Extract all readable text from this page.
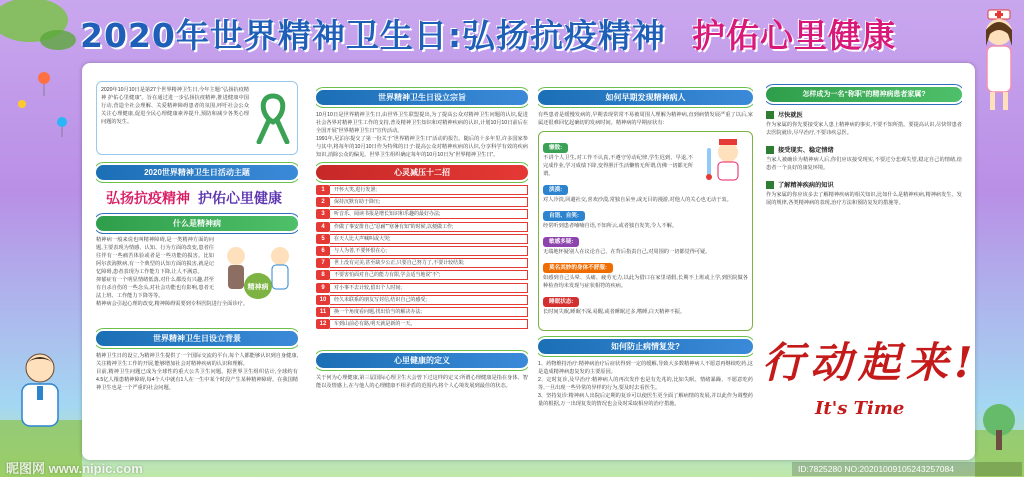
2020年世界精神卫生日:弘扬抗疫精神 护佑心里健康
2020年10月10日是第27个世界精神卫生日,今年主题:“弘扬抗疫精神 护佑心里健康”。旨在通过进一步弘扬抗疫精神,推进健康中国行动,营造全社会理解、关爱精神障碍患者的氛围,呼吁社会公众关注心理健康,促进全民心理健康素养提升,预防和减少各类心理问题的发生。
2020世界精神卫生日活动主题
弘扬抗疫精神 护佑心里健康
什么是精神病
精神病一般来说也叫精神障碍,是一类精神方面的问题,主要表现为情感、认知、行为方面的改变,患者往往伴有一些痛苦体验或者是一些功能的损害。比如阿尔茨海默病,有一个典型的认知方面的损害,就是记忆障碍,患者表现为工作能力下降,让人不满意。
抑郁症有一个明显情绪低落,对什么都没有兴趣,甚至有自杀自伤的一些念头,对社会功能也有影响,患者无法上班、工作能力下降等等。
精神病会引起心理的改变,精神障碍需要到专科医院进行全面诊疗。
精神病
世界精神卫生日设立背景
精神卫生日的设立,为精神卫生提供了一个国际交流的平台,每个人都能够认识到自身健康,关注精神卫生工作的开展,能够增加社会对精神疾病的认识和理解。
目前,精神卫生问题已成为全球性的重大公共卫生问题。据世界卫生组织估计,全球约有4.5亿人罹患精神障碍,每4个人中就有1人在一生中某个时段产生某种精神障碍。在我国精神卫生也是一个严重的社会问题。
世界精神卫生日设立宗旨
10月10日是世界精神卫生日,由世界卫生联盟提出,为了提高公众对精神卫生问题的认识,促进社会各界对精神卫生工作的支持,普及精神卫生知识和对精神疾病的认识,计划10月10日前后在全国开展“世界精神卫生日”宣传活动。
1991年,尼泊尔提交了第一份关于“世界精神卫生日”活动的报告。随后的十多年里,许多国家参与其中,将每年的10月10日作为特殊的日子:提高公众对精神疾病的认识,分享科学有效的疾病知识,消除公众的偏见。世界卫生组织确定每年的10月10日为“世界精神卫生日”。
心灵减压十二招
1	开怀大笑,进行发泄;
2	保持沉默有助于降压;
3	听音乐、阅读书报是增长知识和乐趣的最好办法;
4	作做了事安排自己“忍耐”“寒暑有知”的时候,以便做工作;
5	在天人比大声喊叫或大哭;
6	与人为善,不要怀恨在心;
7	世上没有完美,甚至缺少公正,只要自己努力了,不要计较结果;
8	不要害怕面对自己的能力有限,学会适当地说“不”;
9	对小事不去计较,留出个人时间;
10	经久未联系的朋友写封信,结识自己的感受;
11	换一个角度看问题,找出恰当的解决办法;
12	车到山前必有路,明天就是新的一天。
心里健康的定义
关于何为心理健康,第三届国际心理卫生大会曾下过这样的定义:所谓心理健康是指在身体、智能以及情感上,在与他人的心理健康不相矛盾的范围内,将个人心境发展到最佳的状态。
如何早期发现精神病人
有些患者是缓慢发病的,早期表现常常不易被周围人理解为精神病,直到病情发展严重了以后,家属还很难回忆起确切的发病时间。精神病的早期症状有:
懒散:
不讲个人卫生,对工作不认真,不遵守劳动纪律,学生迟到、早退,不完成作业,学习成绩下降,变得胆汗生活懒惰无所谓,仿佛一切都无所谓。
淡漠:
对人冷淡,回避社交,喜欢沙漠,常独自呆坐,或无目的漫游,对他人的关心也无动于衷。
自语、自笑:
经常听到患者喃喃自语,不知所云,或者独自发笑,令人不解。
敏感多疑:
无端地怀疑别人在议论自己、在背后指责自己,对周围的一切都觉得可疑。
莫名其妙的身体不舒服:
如感到自己头晕、头痛、疲劳无力,以此为借口在家里请假,长期不上班或上学,到医院做各种检查均未发现与症状相符的疾病。
睡眠状态:
长时间失眠,睡眠不深,易醒,或者睡眠过多,嗜睡,白天精神不振。
如何防止病情复发?
1、药物维持治疗:精神病治疗后症状得到一定的缓解,导致大多数精神病人不愿意再继续吃药,这是造成精神病患复发的主要原因。
2、定时复诊,及早治疗:精神病人的再次发作也是有先兆的,比如失眠、情绪暴躁、不愿意吃药等,一旦出现一些异常的异样的行为,要及时去看医生。
3、坚持复诊:精神病人出院后定期的复诊可以使医生更全面了解病情的发展,并以此作为调整药量的根据,万一出现复发的情况也会及时采取相应的治疗措施。
怎样成为一名“称职”的精神病患者家属?
尽快就医
作为家属的你先要接受家人患上精神病的事实,不要不知所措。要提高认识,尽快带患者去医院就诊,尽早治疗,不要讳疾忌医。
接受现实、稳定情绪
当家人被确诊为精神病人后,你们应该接受现实,不要过分悲观失望,稳定自己的情绪,给患者一个良好的康复环境。
了解精神疾病的知识
作为家属的你应该多去了解精神疾病的相关知识,比如什么是精神疾病,精神病发生、发展的规律,各类精神病的表现,治疗方法和预防复发的措施等。
行动起来!
It's Time
昵图网 www.nipic.com	ID:7825280 NO:20201009105243257084
